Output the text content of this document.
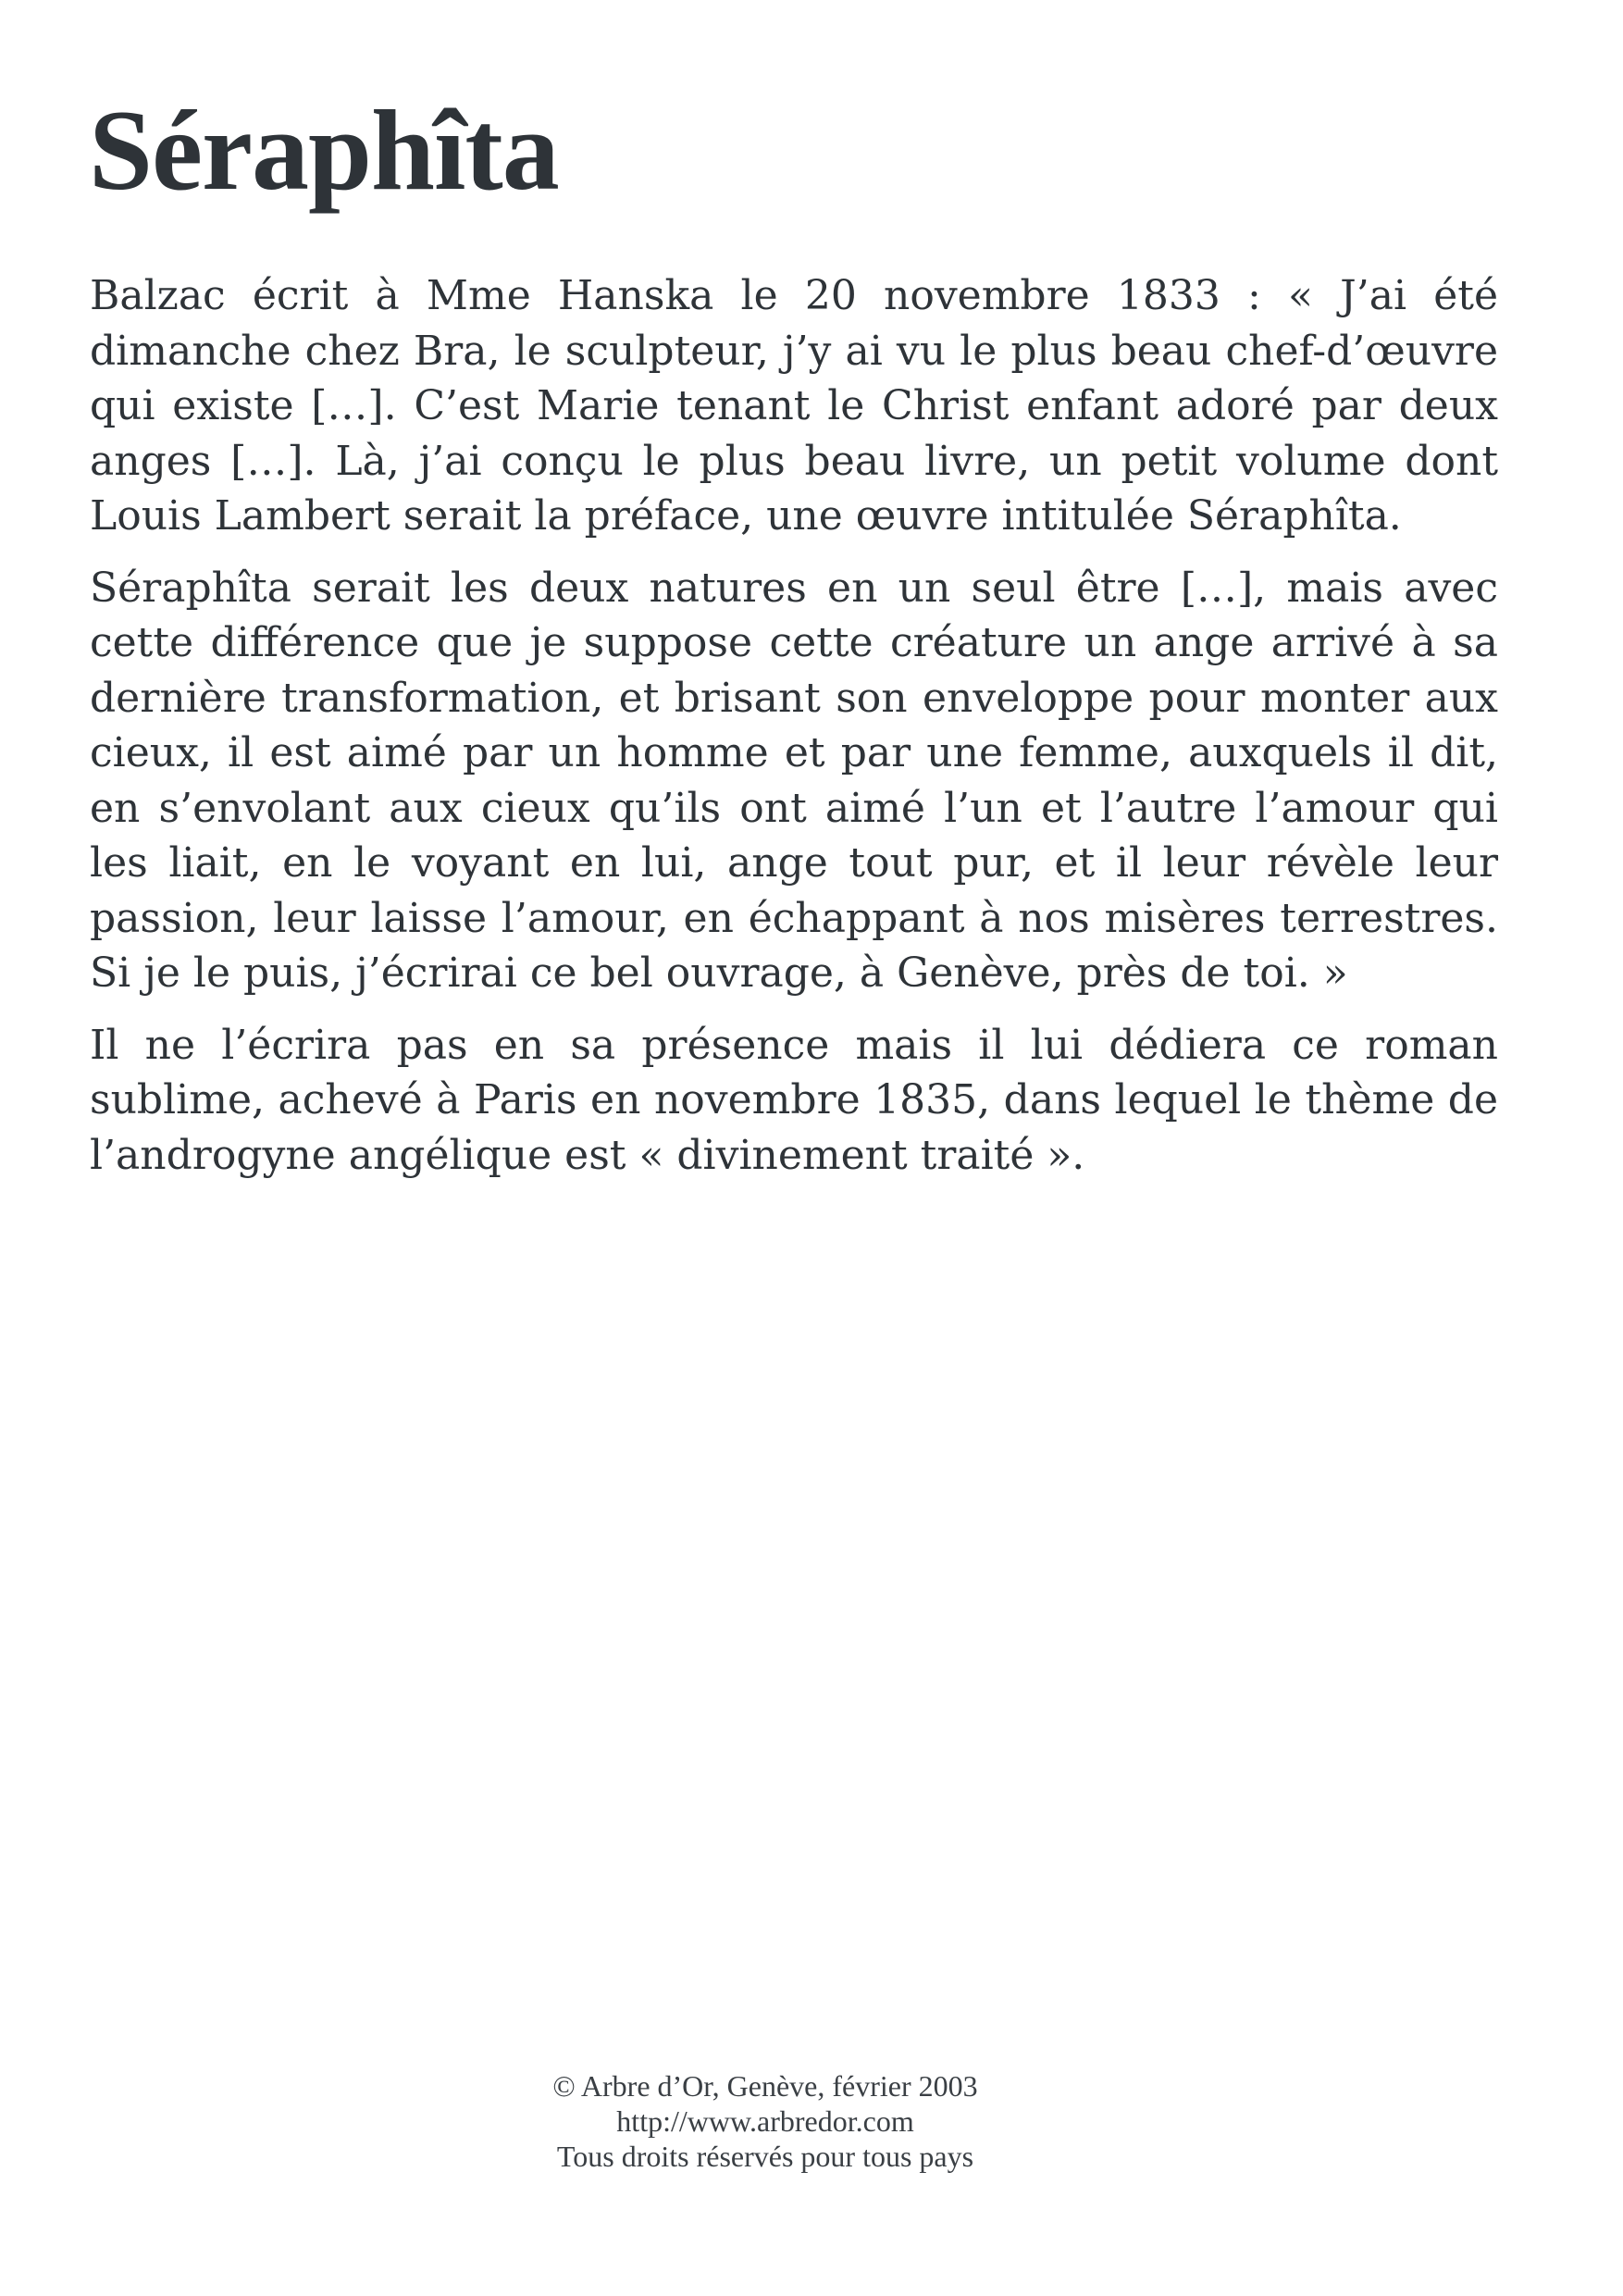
Séraphîta

Balzac écrit à Mme Hanska le 20 novembre 1833 : « J’ai été dimanche chez Bra, le sculpteur, j’y ai vu le plus beau chef-d’œuvre qui existe […]. C’est Marie tenant le Christ enfant adoré par deux anges […]. Là, j’ai conçu le plus beau livre, un petit volume dont Louis Lambert serait la préface, une œuvre intitulée Séraphîta.

Séraphîta serait les deux natures en un seul être […], mais avec cette différence que je suppose cette créature un ange arrivé à sa dernière transformation, et brisant son enveloppe pour monter aux cieux, il est aimé par un homme et par une femme, auxquels il dit, en s’envolant aux cieux qu’ils ont aimé l’un et l’autre l’amour qui les liait, en le voyant en lui, ange tout pur, et il leur révèle leur passion, leur laisse l’amour, en échappant à nos misères terrestres. Si je le puis, j’écrirai ce bel ouvrage, à Genève, près de toi. »

Il ne l’écrira pas en sa présence mais il lui dédiera ce roman sublime, achevé à Paris en novembre 1835, dans lequel le thème de l’androgyne angélique est « divinement traité ».

© Arbre d’Or, Genève, février 2003
http://www.arbredor.com
Tous droits réservés pour tous pays
